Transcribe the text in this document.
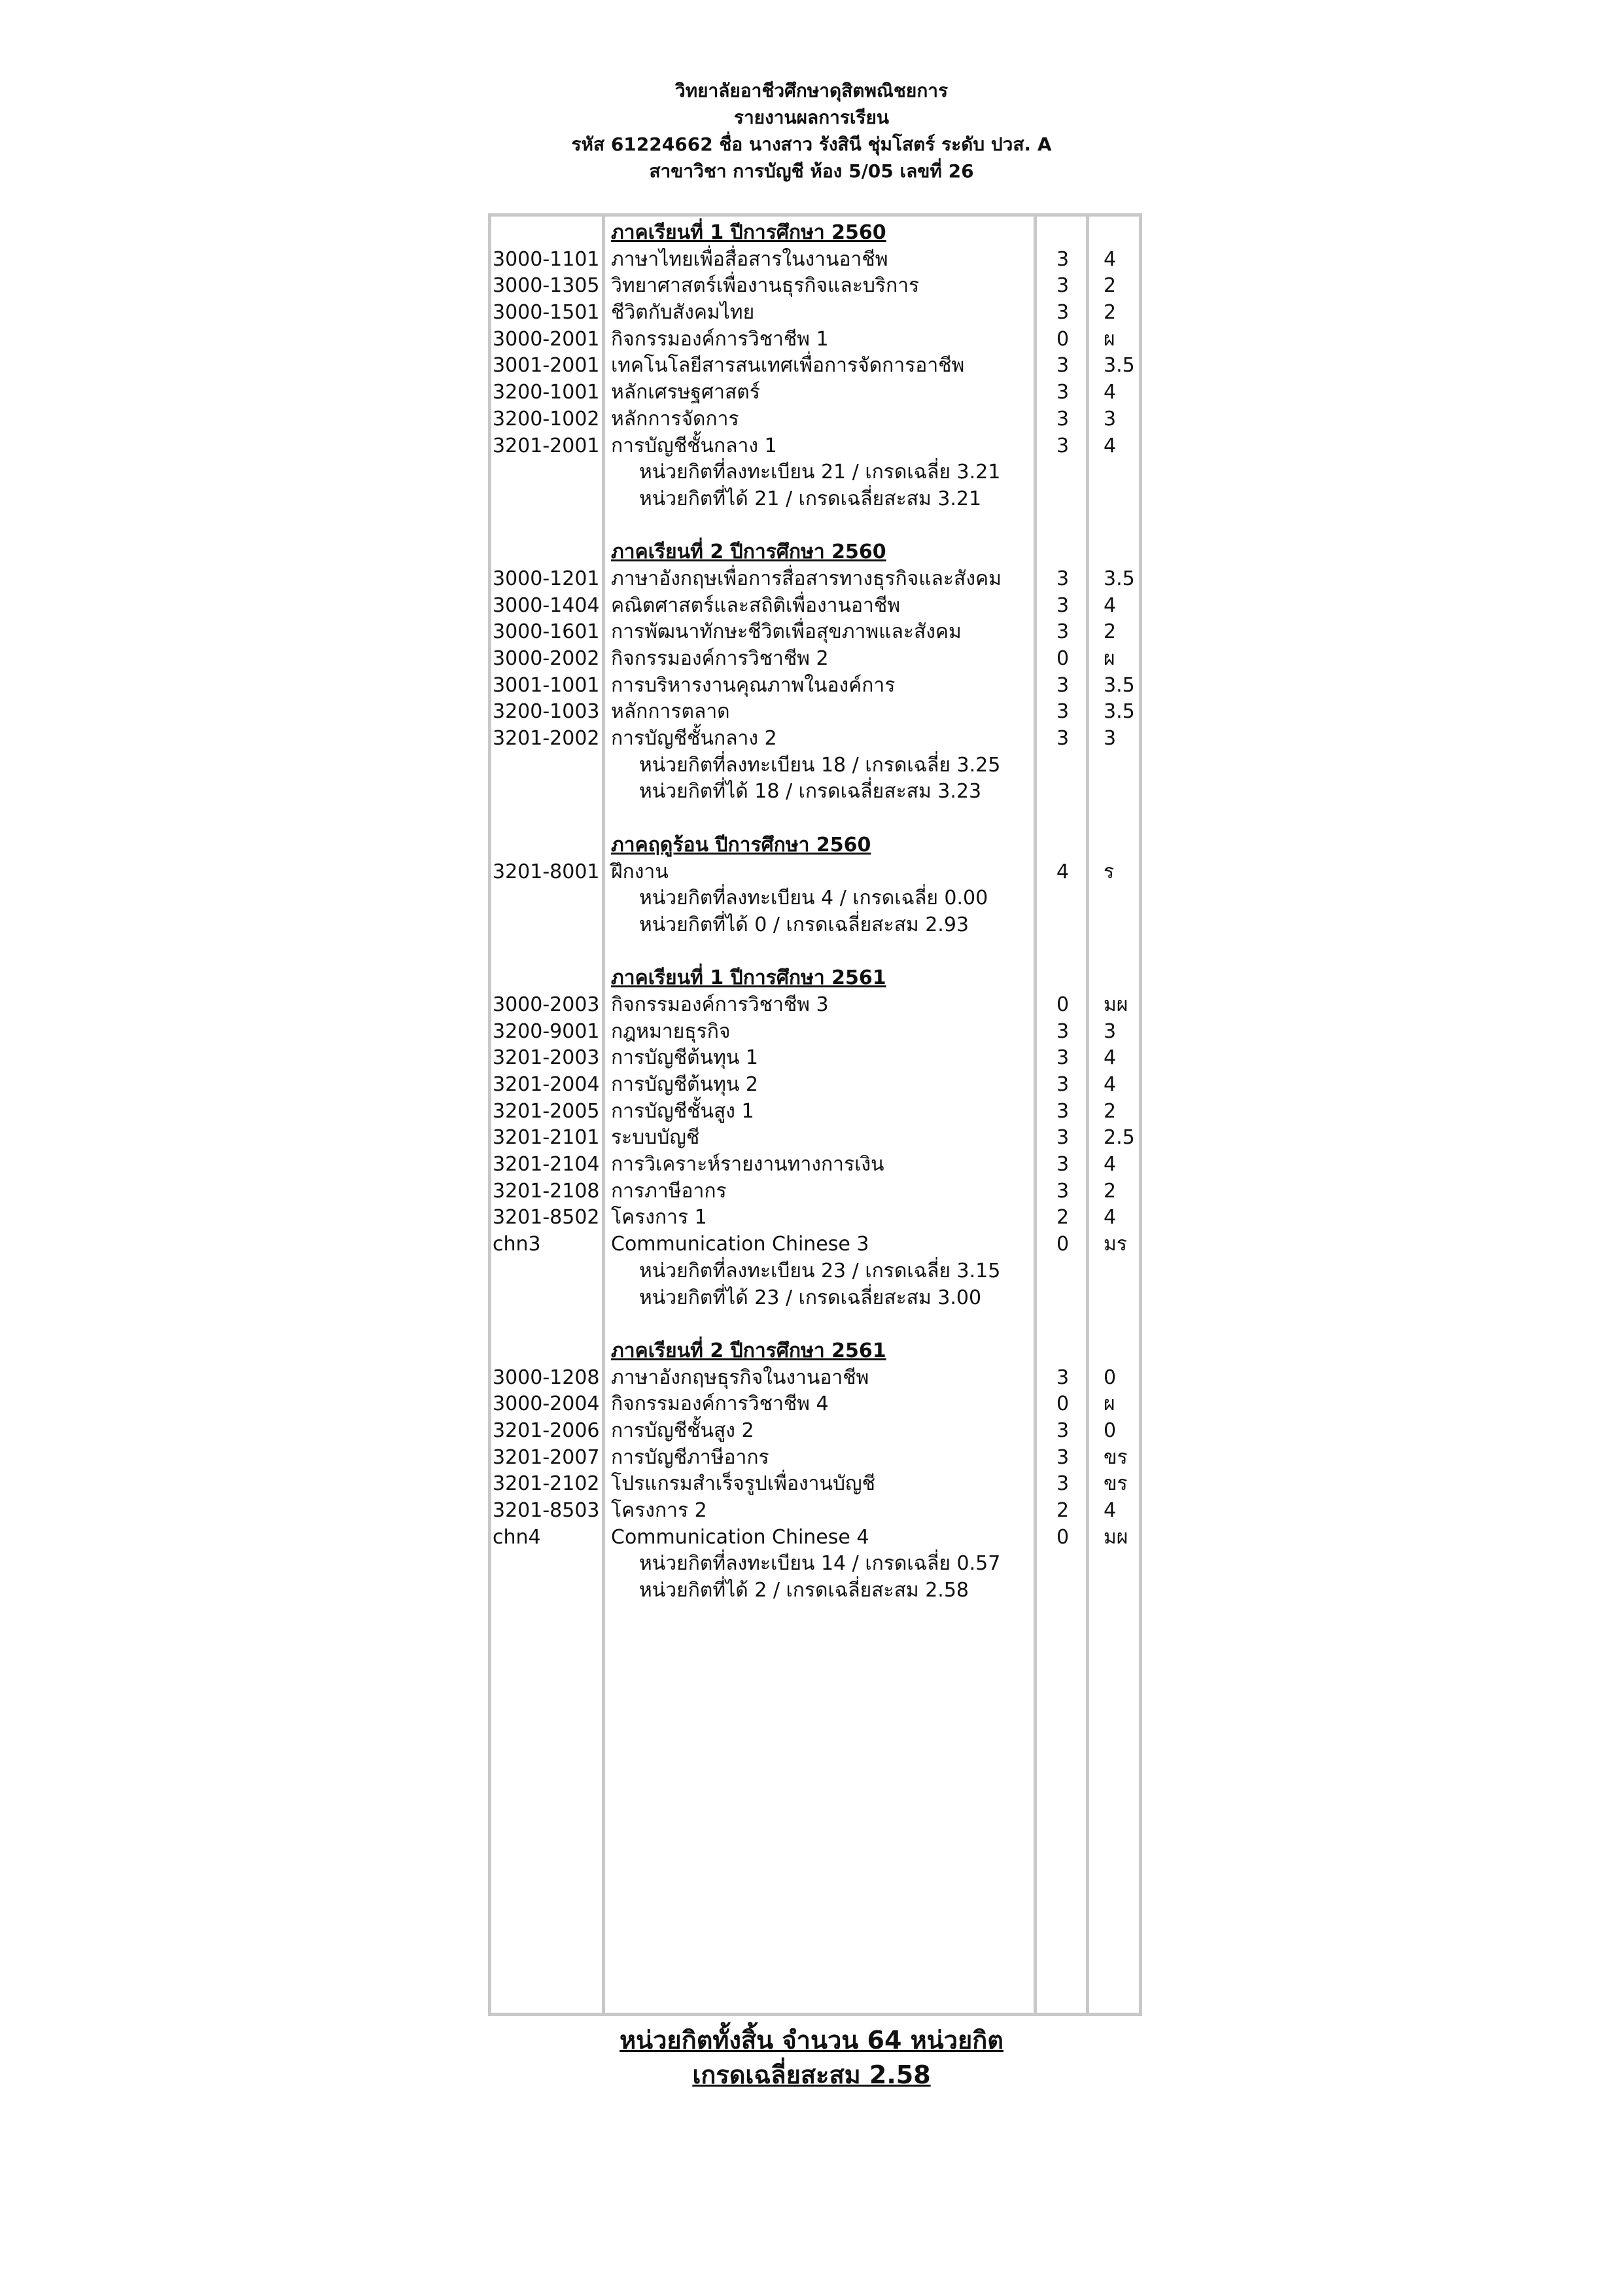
วิทยาลัยอาชีวศึกษาดุสิตพณิชยการ
รายงานผลการเรียน
รหัส 61224662 ชื่อ นางสาว รังสินี ชุ่มโสตร์ ระดับ ปวส. A
สาขาวิชา การบัญชี ห้อง 5/05 เลขที่ 26
ภาคเรียนที่ 1 ปีการศึกษา 2560
3000-1101 ภาษาไทยเพื่อสื่อสารในงานอาชีพ	3 4
3000-1305 วิทยาศาสตร์เพื่องานธุรกิจและบริการ	3 2
3000-1501 ชีวิตกับสังคมไทย	3 2
3000-2001 กิจกรรมองค์การวิชาชีพ 1	0 ผ
3001-2001 เทคโนโลยีสารสนเทศเพื่อการจัดการอาชีพ	3 3.5
3200-1001 หลักเศรษฐศาสตร์	3 4
3200-1002 หลักการจัดการ	3 3
3201-2001 การบัญชีชั้นกลาง 1	3 4
หน่วยกิตที่ลงทะเบียน 21 / เกรดเฉลี่ย 3.21
หน่วยกิตที่ได้ 21 / เกรดเฉลี่ยสะสม 3.21
ภาคเรียนที่ 2 ปีการศึกษา 2560
3000-1201 ภาษาอังกฤษเพื่อการสื่อสารทางธุรกิจและสังคม	3 3.5
3000-1404 คณิตศาสตร์และสถิติเพื่องานอาชีพ	3 4
3000-1601 การพัฒนาทักษะชีวิตเพื่อสุขภาพและสังคม	3 2
3000-2002 กิจกรรมองค์การวิชาชีพ 2	0 ผ
3001-1001 การบริหารงานคุณภาพในองค์การ	3 3.5
3200-1003 หลักการตลาด	3 3.5
3201-2002 การบัญชีชั้นกลาง 2	3 3
หน่วยกิตที่ลงทะเบียน 18 / เกรดเฉลี่ย 3.25
หน่วยกิตที่ได้ 18 / เกรดเฉลี่ยสะสม 3.23
ภาคฤดูร้อน ปีการศึกษา 2560
3201-8001 ฝึกงาน	4 ร
หน่วยกิตที่ลงทะเบียน 4 / เกรดเฉลี่ย 0.00
หน่วยกิตที่ได้ 0 / เกรดเฉลี่ยสะสม 2.93
ภาคเรียนที่ 1 ปีการศึกษา 2561
3000-2003 กิจกรรมองค์การวิชาชีพ 3	0 มผ
3200-9001 กฎหมายธุรกิจ	3 3
3201-2003 การบัญชีต้นทุน 1	3 4
3201-2004 การบัญชีต้นทุน 2	3 4
3201-2005 การบัญชีชั้นสูง 1	3 2
3201-2101 ระบบบัญชี	3 2.5
3201-2104 การวิเคราะห์รายงานทางการเงิน	3 4
3201-2108 การภาษีอากร	3 2
3201-8502 โครงการ 1	2 4
chn3	Communication Chinese 3	0 มร
หน่วยกิตที่ลงทะเบียน 23 / เกรดเฉลี่ย 3.15
หน่วยกิตที่ได้ 23 / เกรดเฉลี่ยสะสม 3.00
ภาคเรียนที่ 2 ปีการศึกษา 2561
3000-1208 ภาษาอังกฤษธุรกิจในงานอาชีพ	3 0
3000-2004 กิจกรรมองค์การวิชาชีพ 4	0 ผ
3201-2006 การบัญชีชั้นสูง 2	3 0
3201-2007 การบัญชีภาษีอากร	3 ขร
3201-2102 โปรแกรมสำเร็จรูปเพื่องานบัญชี	3 ขร
3201-8503 โครงการ 2	2 4
chn4	Communication Chinese 4	0 มผ
หน่วยกิตที่ลงทะเบียน 14 / เกรดเฉลี่ย 0.57
หน่วยกิตที่ได้ 2 / เกรดเฉลี่ยสะสม 2.58
หน่วยกิตทั้งสิ้น จำนวน 64 หน่วยกิต
เกรดเฉลี่ยสะสม 2.58
